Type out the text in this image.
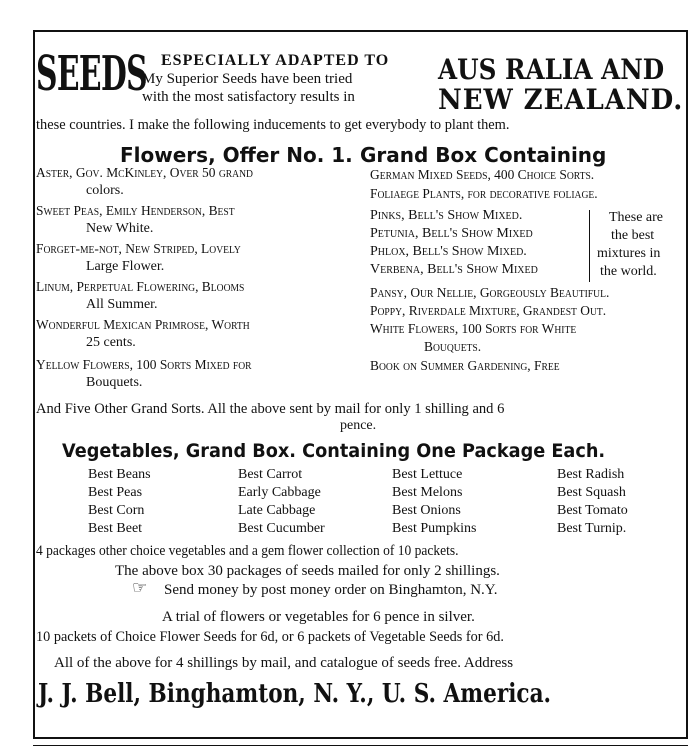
SEEDS ESPECIALLY ADAPTED TO
My Superior Seeds have been tried
with the most satisfactory results in
AUS RALIA AND
NEW ZEALAND.
these countries. I make the following inducements to get everybody to plant them.
Flowers, Offer No. 1. Grand Box Containing
Aster, Gov. McKinley, Over 50 grand
colors.
Sweet Peas, Emily Henderson, Best
New White.
Forget-me-not, New Striped, Lovely
Large Flower.
Linum, Perpetual Flowering, Blooms
All Summer.
Wonderful Mexican Primrose, Worth
25 cents.
Yellow Flowers, 100 Sorts Mixed for
Bouquets.
German Mixed Seeds, 400 Choice Sorts.
Foliaege Plants, for decorative foliage.
Pinks, Bell's Show Mixed.
Petunia, Bell's Show Mixed
Phlox, Bell's Show Mixed.
Verbena, Bell's Show Mixed
Pansy, Our Nellie, Gorgeously Beautiful.
Poppy, Riverdale Mixture, Grandest Out.
White Flowers, 100 Sorts for White
Bouquets.
Book on Summer Gardening, Free
These are
the best
mixtures in
the world.
And Five Other Grand Sorts. All the above sent by mail for only 1 shilling and 6
pence.
Vegetables, Grand Box. Containing One Package Each.
Best Beans
Best Peas
Best Corn
Best Beet
Best Carrot
Early Cabbage
Late Cabbage
Best Cucumber
Best Lettuce
Best Melons
Best Onions
Best Pumpkins
Best Radish
Best Squash
Best Tomato
Best Turnip.
4 packages other choice vegetables and a gem flower collection of 10 packets.
The above box 30 packages of seeds mailed for only 2 shillings.
☞ Send money by post money order on Binghamton, N.Y.
A trial of flowers or vegetables for 6 pence in silver.
10 packets of Choice Flower Seeds for 6d, or 6 packets of Vegetable Seeds for 6d.
All of the above for 4 shillings by mail, and catalogue of seeds free. Address
J. J. Bell, Binghamton, N. Y., U. S. America.
